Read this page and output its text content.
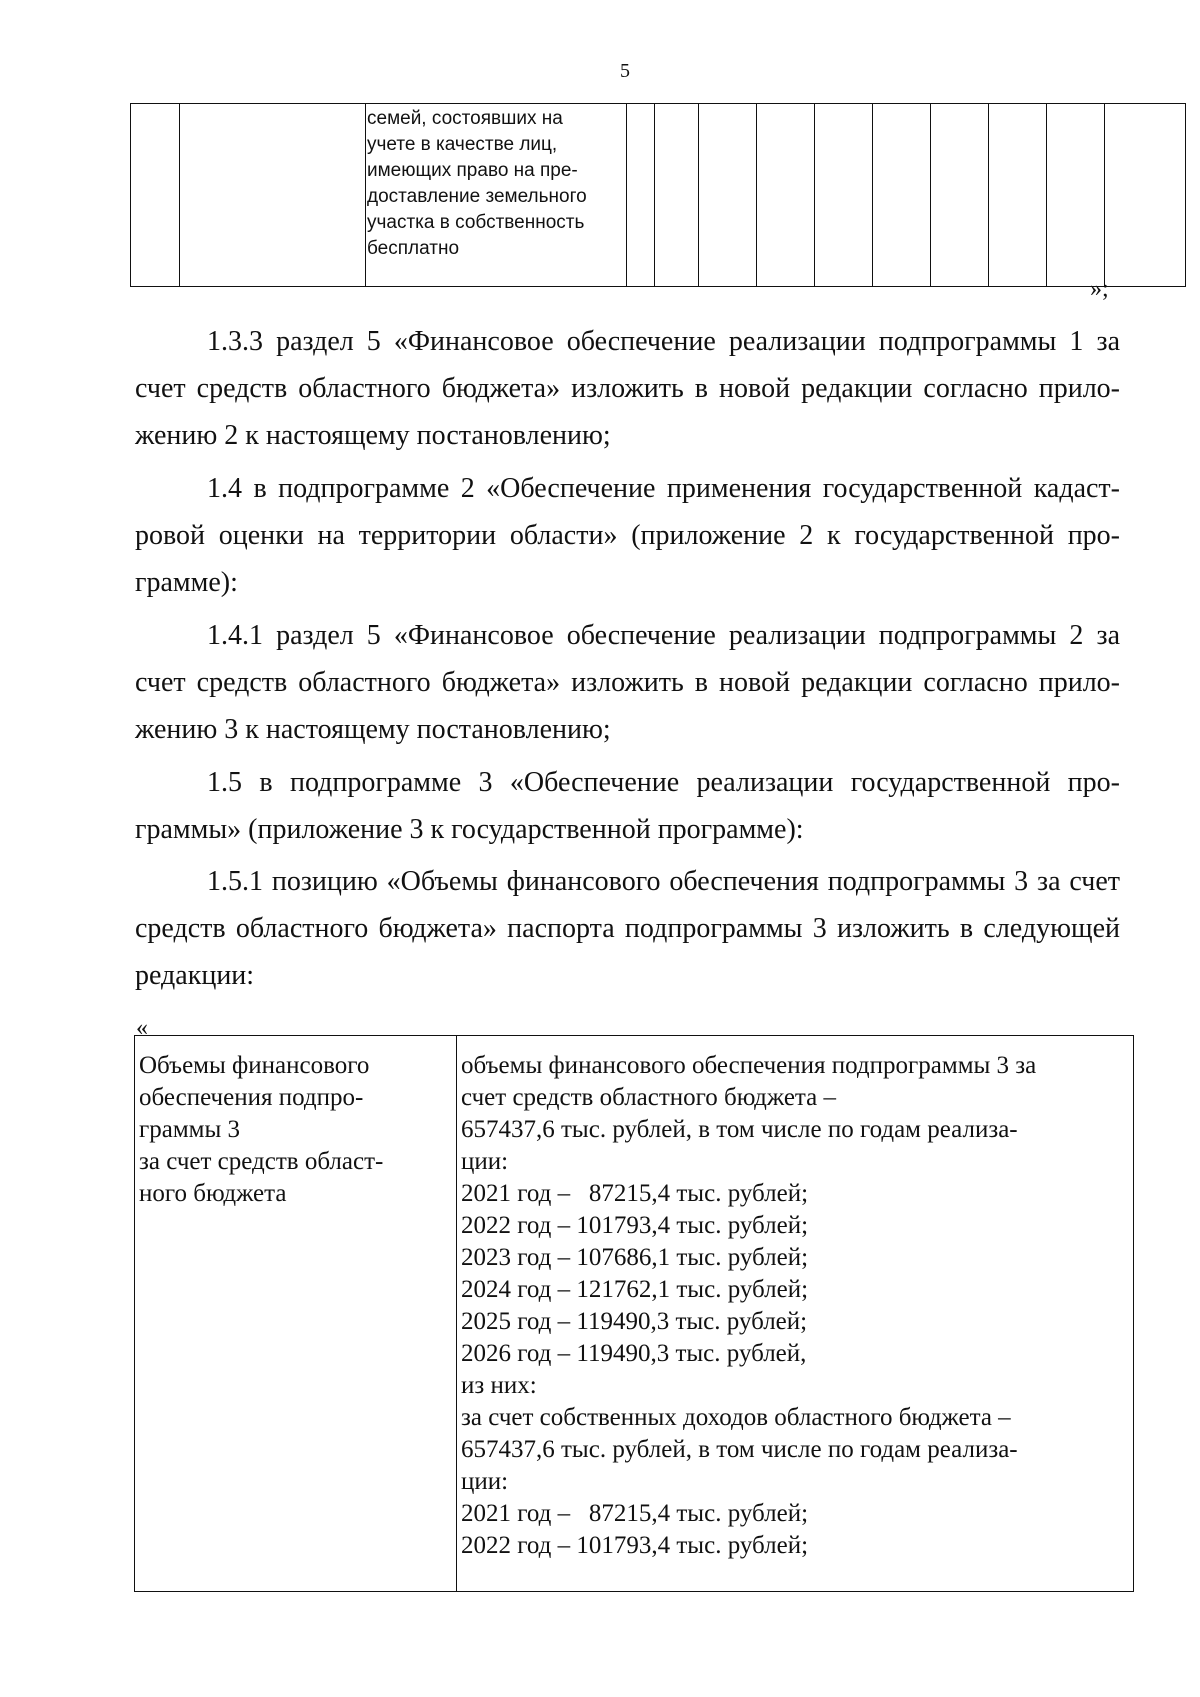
5
		семей, состоявших на
учете в качестве лиц,
имеющих право на пре-
доставление земельного
участка в собственность
бесплатно										
»;
1.3.3 раздел 5 «Финансовое обеспечение реализации подпрограммы 1 за счет средств областного бюджета» изложить в новой редакции согласно прило- жению 2 к настоящему постановлению;
1.4 в подпрограмме 2 «Обеспечение применения государственной кадаст- ровой оценки на территории области» (приложение 2 к государственной про- грамме):
1.4.1 раздел 5 «Финансовое обеспечение реализации подпрограммы 2 за счет средств областного бюджета» изложить в новой редакции согласно прило- жению 3 к настоящему постановлению;
1.5 в подпрограмме 3 «Обеспечение реализации государственной про- граммы» (приложение 3 к государственной программе):
1.5.1 позицию «Объемы финансового обеспечения подпрограммы 3 за счет средств областного бюджета» паспорта подпрограммы 3 изложить в следующей редакции:
«
Объемы финансового
обеспечения подпро-
граммы 3
за счет средств облаcт-
ного бюджета

объемы финансового обеспечения подпрограммы 3 за
счет средств областного бюджета –
657437,6 тыс. рублей, в том числе по годам реализа-
ции:
2021 год –   87215,4 тыс. рублей;
2022 год – 101793,4 тыс. рублей;
2023 год – 107686,1 тыс. рублей;
2024 год – 121762,1 тыс. рублей;
2025 год – 119490,3 тыс. рублей;
2026 год – 119490,3 тыс. рублей,
из них:
за счет собственных доходов областного бюджета –
657437,6 тыс. рублей, в том числе по годам реализа-
ции:
2021 год –   87215,4 тыс. рублей;
2022 год – 101793,4 тыс. рублей;
